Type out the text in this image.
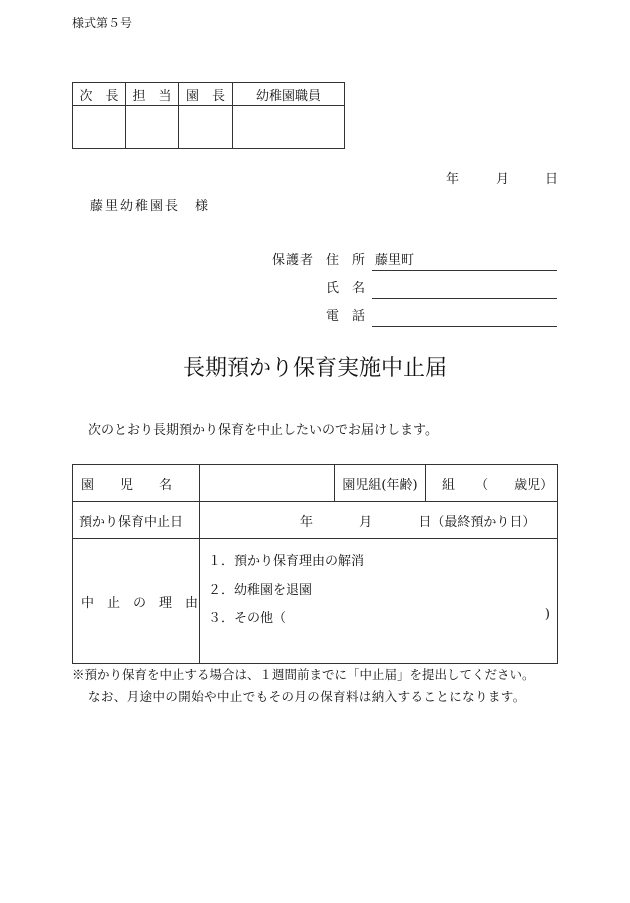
様式第５号
次　長	担　当	園　長	幼稚園職員

年	月	日
藤里幼稚園長　様
保護者 住　所 藤里町
氏　名
電　話
長期預かり保育実施中止届
次のとおり長期預かり保育を中止したいのでお届けします。
園　　児　　名		園児組(年齢)	組 （　　歳児）
預かり保育中止日	年 月 日（最終預かり日）		
中　止　の　理　由	１．預かり保育理由の解消
２．幼稚園を退園
３．その他（ )		
※預かり保育を中止する場合は、１週間前までに「中止届」を提出してください。
なお、月途中の開始や中止でもその月の保育料は納入することになります。
